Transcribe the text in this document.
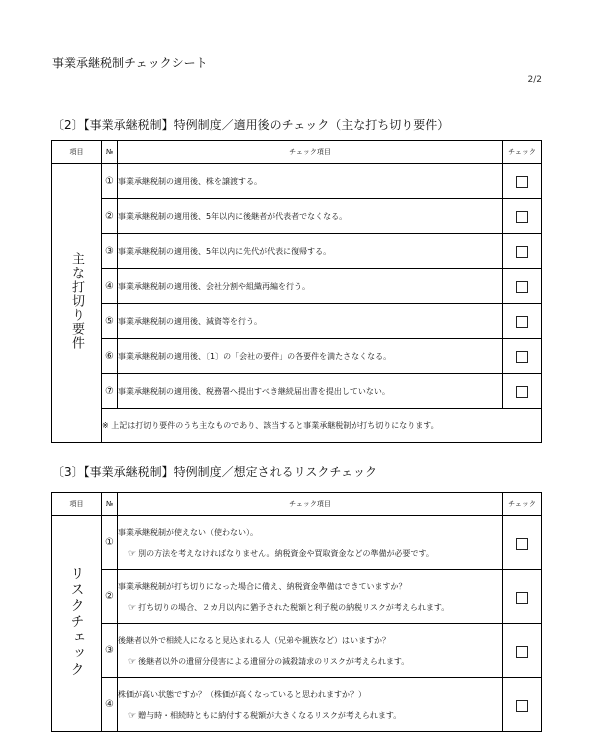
事業承継税制チェックシート
2/2
〔2〕【事業承継税制】特例制度／適用後のチェック（主な打ち切り要件）
項目	№	チェック項目	チェック
主な打切り要件	①	事業承継税制の適用後、株を譲渡する。	
	②	事業承継税制の適用後、5年以内に後継者が代表者でなくなる。	
	③	事業承継税制の適用後、5年以内に先代が代表に復帰する。	
	④	事業承継税制の適用後、会社分割や組織再編を行う。	
	⑤	事業承継税制の適用後、減資等を行う。	
	⑥	事業承継税制の適用後、〔1〕の「会社の要件」の各要件を満たさなくなる。	
	⑦	事業承継税制の適用後、税務署へ提出すべき継続届出書を提出していない。	
	※ 上記は打切り要件のうち主なものであり、該当すると事業承継税制が打ち切りになります。		
〔3〕【事業承継税制】特例制度／想定されるリスクチェック
項目	№	チェック項目	チェック
リスクチェック	①	事業承継税制が使えない（使わない）。
☞ 別の方法を考えなければなりません。納税資金や買取資金などの準備が必要です。	

	②	事業承継税制が打ち切りになった場合に備え、納税資金準備はできていますか？
☞ 打ち切りの場合、２カ月以内に猶予された税額と利子税の納税リスクが考えられます。	

	③	後継者以外で相続人になると見込まれる人（兄弟や親族など）はいますか？
☞ 後継者以外の遺留分侵害による遺留分の減殺請求のリスクが考えられます。	

	④	株価が高い状態ですか？（株価が高くなっていると思われますか？）
☞ 贈与時・相続時ともに納付する税額が大きくなるリスクが考えられます。	
